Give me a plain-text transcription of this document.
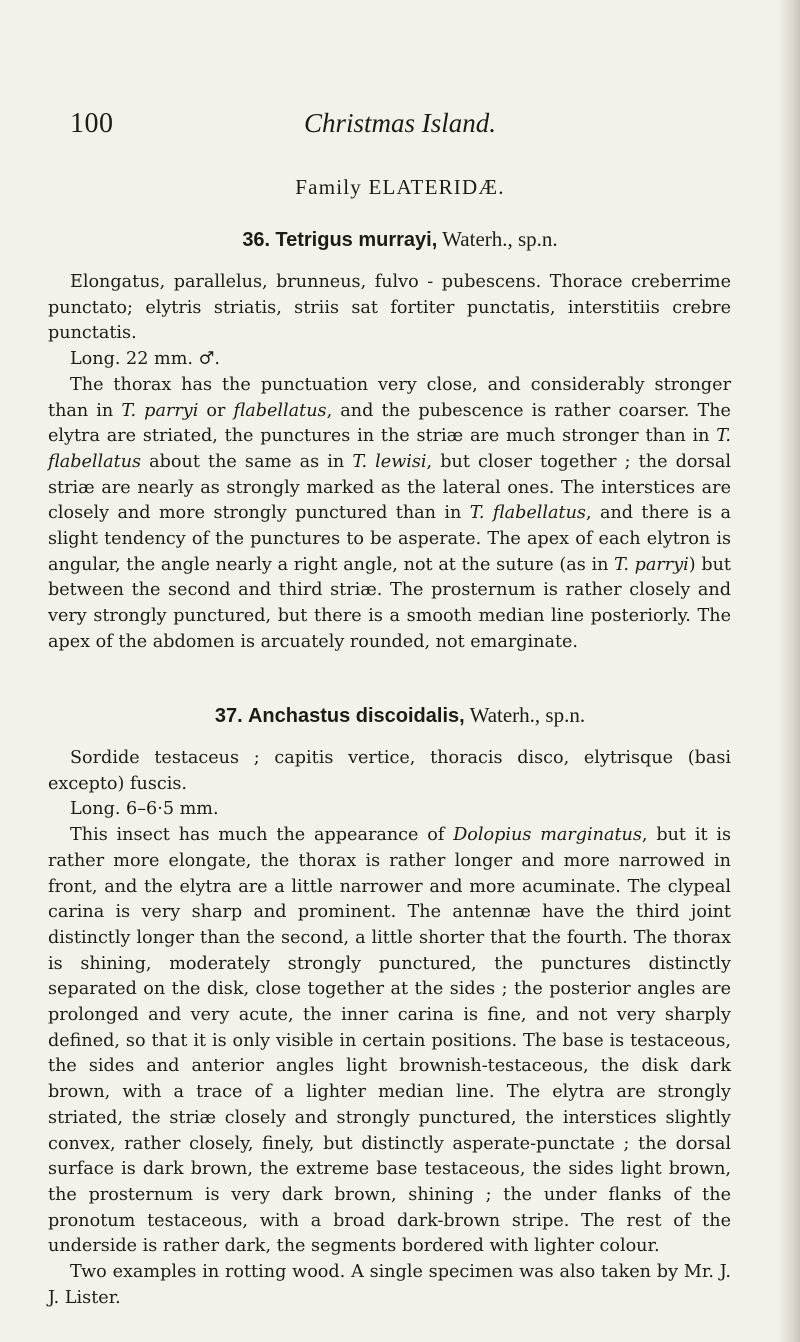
100	Christmas Island.
Family ELATERIDÆ.
36. Tetrigus murrayi, Waterh., sp.n.

Elongatus, parallelus, brunneus, fulvo - pubescens. Thorace creberrime punctato; elytris striatis, striis sat fortiter punctatis, interstitiis crebre punctatis.

Long. 22 mm. ♂.

The thorax has the punctuation very close, and considerably stronger than in T. parryi or flabellatus, and the pubescence is rather coarser. The elytra are striated, the punctures in the striæ are much stronger than in T. flabellatus about the same as in T. lewisi, but closer together ; the dorsal striæ are nearly as strongly marked as the lateral ones. The interstices are closely and more strongly punctured than in T. flabellatus, and there is a slight tendency of the punctures to be asperate. The apex of each elytron is angular, the angle nearly a right angle, not at the suture (as in T. parryi) but between the second and third striæ. The prosternum is rather closely and very strongly punctured, but there is a smooth median line posteriorly. The apex of the abdomen is arcuately rounded, not emarginate.

37. Anchastus discoidalis, Waterh., sp.n.

Sordide testaceus ; capitis vertice, thoracis disco, elytrisque (basi excepto) fuscis.

Long. 6–6·5 mm.

This insect has much the appearance of Dolopius marginatus, but it is rather more elongate, the thorax is rather longer and more narrowed in front, and the elytra are a little narrower and more acuminate. The clypeal carina is very sharp and prominent. The antennæ have the third joint distinctly longer than the second, a little shorter that the fourth. The thorax is shining, moderately strongly punctured, the punctures distinctly separated on the disk, close together at the sides ; the posterior angles are prolonged and very acute, the inner carina is fine, and not very sharply defined, so that it is only visible in certain positions. The base is testaceous, the sides and anterior angles light brownish-testaceous, the disk dark brown, with a trace of a lighter median line. The elytra are strongly striated, the striæ closely and strongly punctured, the interstices slightly convex, rather closely, finely, but distinctly asperate-punctate ; the dorsal surface is dark brown, the extreme base testaceous, the sides light brown, the prosternum is very dark brown, shining ; the under flanks of the pronotum testaceous, with a broad dark-brown stripe. The rest of the underside is rather dark, the segments bordered with lighter colour.

Two examples in rotting wood. A single specimen was also taken by Mr. J. J. Lister.
